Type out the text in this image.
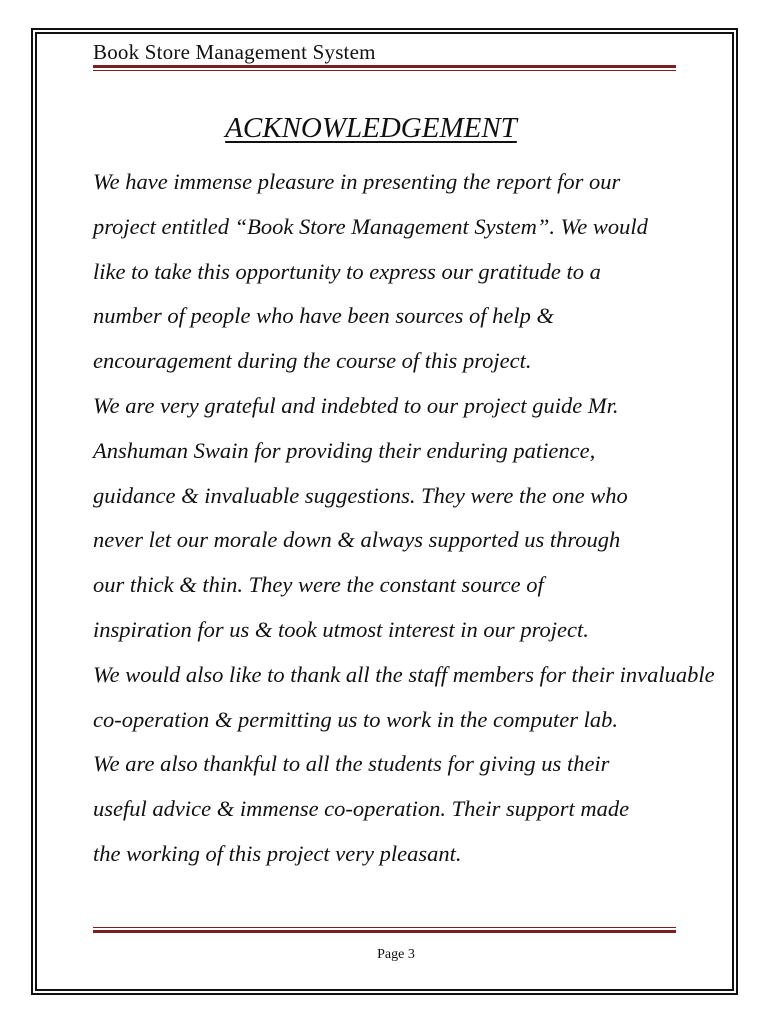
Book Store Management System
ACKNOWLEDGEMENT
We have immense pleasure in presenting the report for our
project entitled “Book Store Management System”. We would
like to take this opportunity to express our gratitude to a
number of people who have been sources of help &
encouragement during the course of this project.
We are very grateful and indebted to our project guide Mr.
Anshuman Swain for providing their enduring patience,
guidance & invaluable suggestions. They were the one who
never let our morale down & always supported us through
our thick & thin. They were the constant source of
inspiration for us & took utmost interest in our project.
We would also like to thank all the staff members for their invaluable
co-operation & permitting us to work in the computer lab.
We are also thankful to all the students for giving us their
useful advice & immense co-operation. Their support made
the working of this project very pleasant.
Page 3
